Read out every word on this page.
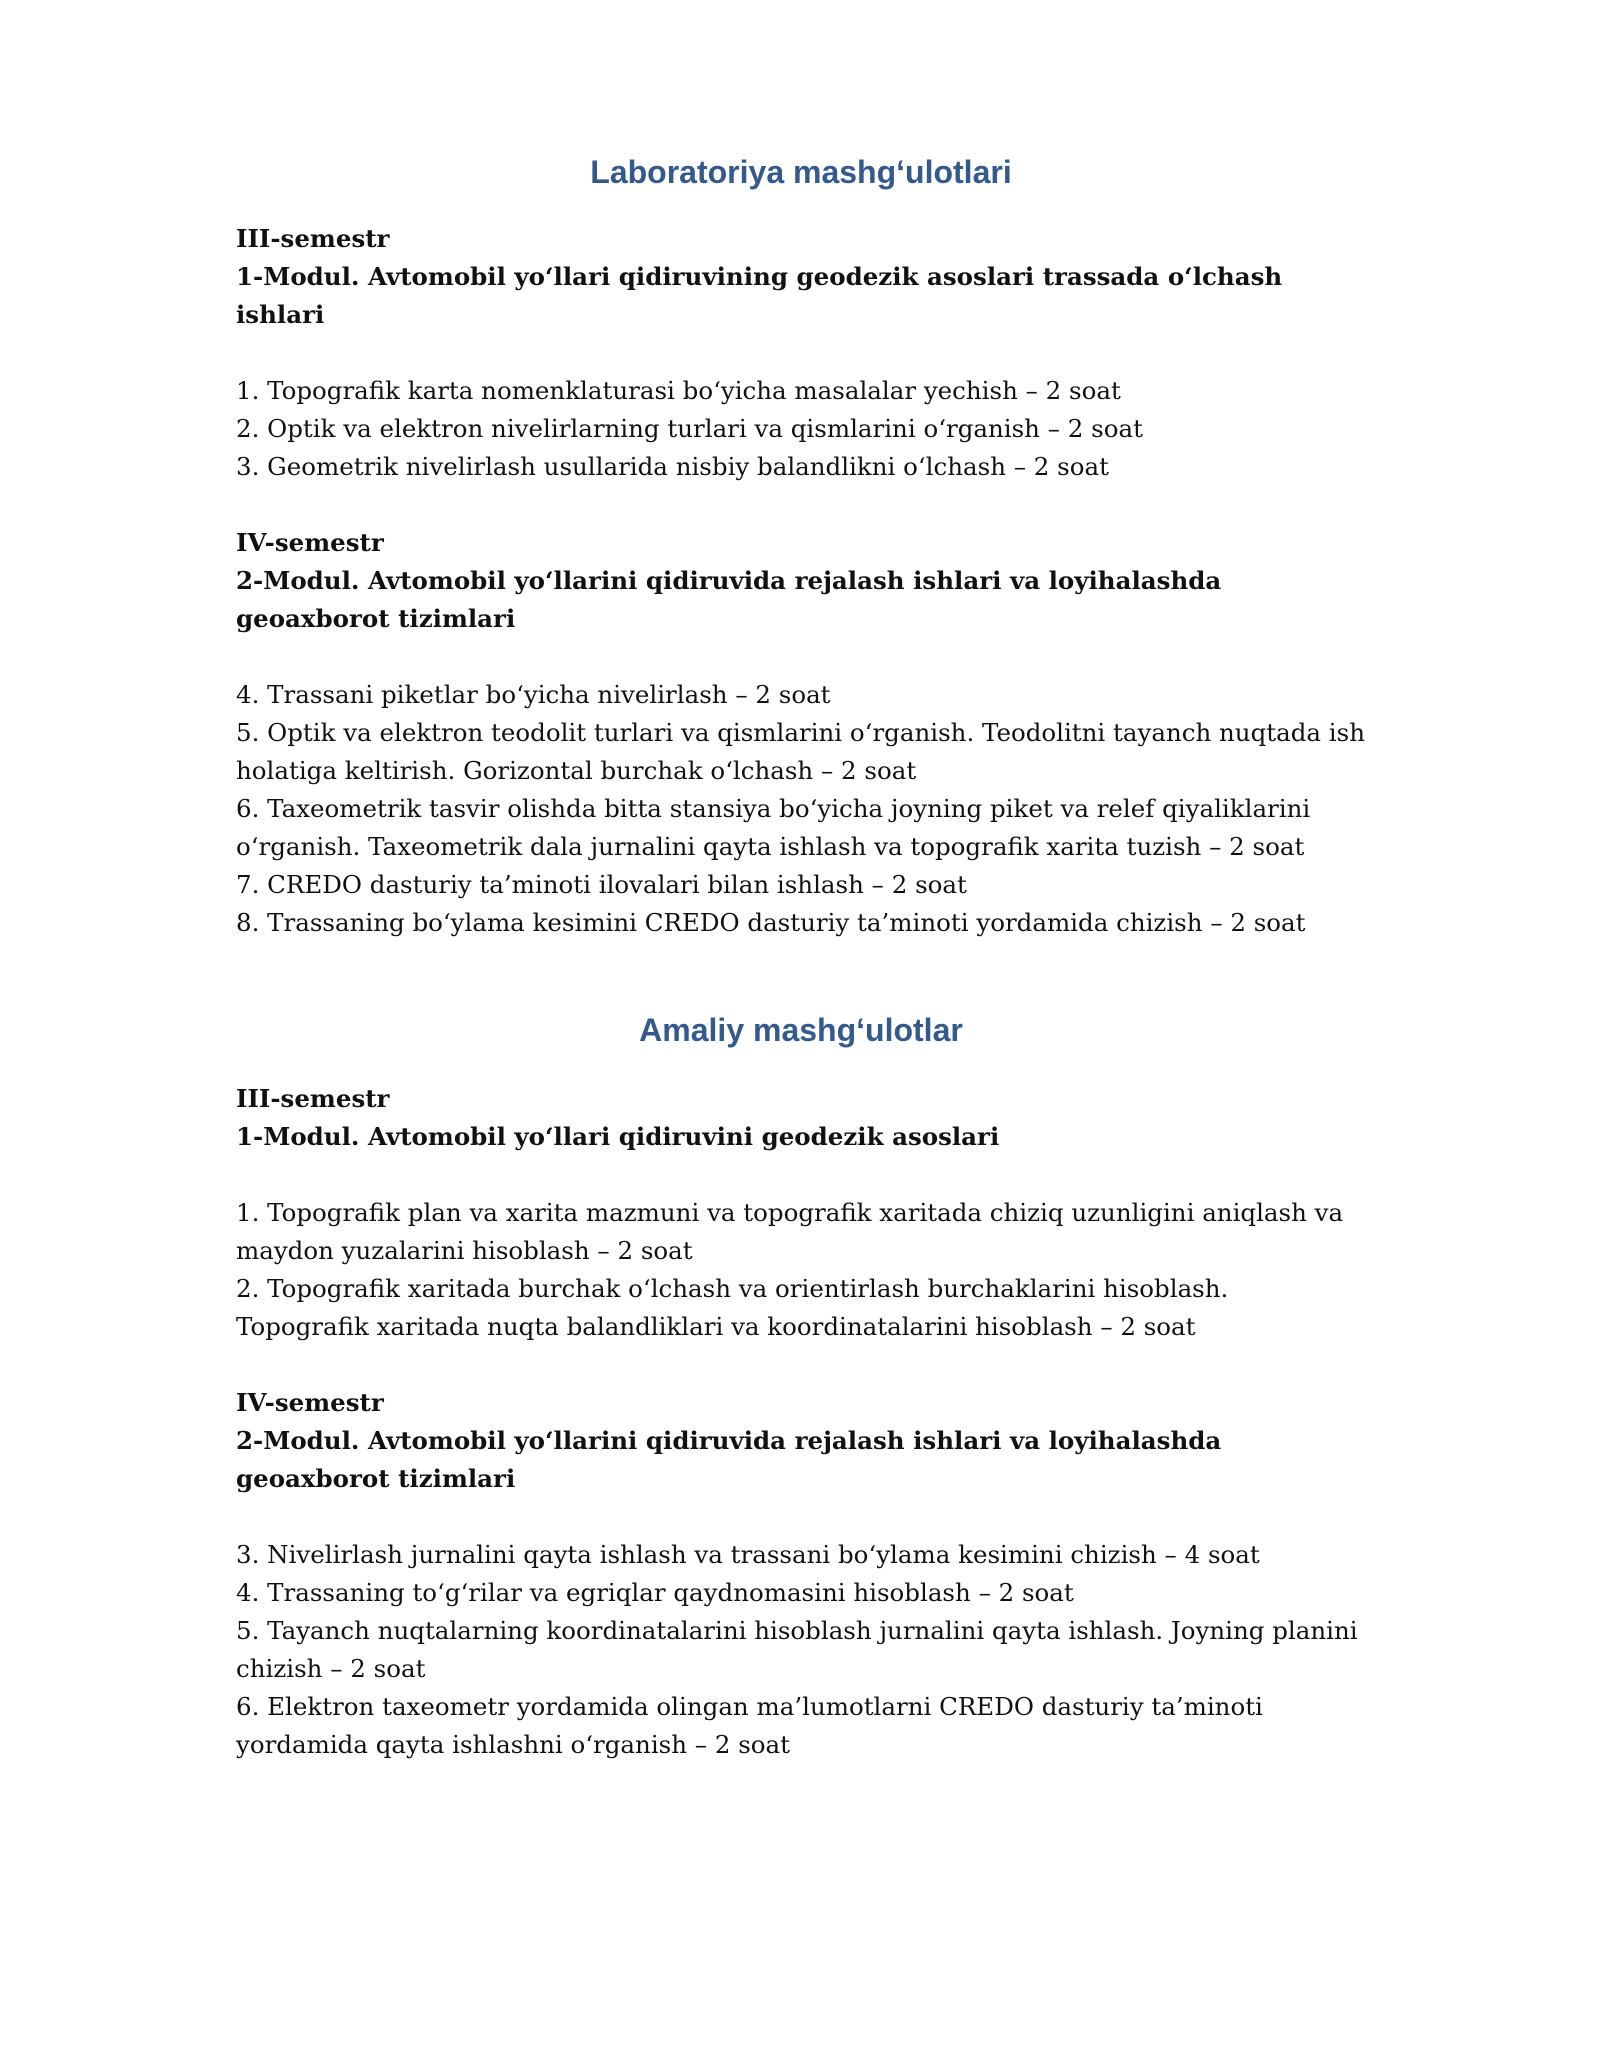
Laboratoriya mashg‘ulotlari

III-semestr

1-Modul. Avtomobil yo‘llari qidiruvining geodezik asoslari trassada o‘lchash ishlari

1. Topografik karta nomenklaturasi bo‘yicha masalalar yechish – 2 soat
2. Optik va elektron nivelirlarning turlari va qismlarini o‘rganish – 2 soat
3. Geometrik nivelirlash usullarida nisbiy balandlikni o‘lchash – 2 soat

IV-semestr

2-Modul. Avtomobil yo‘llarini qidiruvida rejalash ishlari va loyihalashda geoaxborot tizimlari

4. Trassani piketlar bo‘yicha nivelirlash – 2 soat
5. Optik va elektron teodolit turlari va qismlarini o‘rganish. Teodolitni tayanch nuqtada ish holatiga keltirish. Gorizontal burchak o‘lchash – 2 soat
6. Taxeometrik tasvir olishda bitta stansiya bo‘yicha joyning piket va relef qiyaliklarini o‘rganish. Taxeometrik dala jurnalini qayta ishlash va topografik xarita tuzish – 2 soat
7. CREDO dasturiy ta’minoti ilovalari bilan ishlash – 2 soat
8. Trassaning bo‘ylama kesimini CREDO dasturiy ta’minoti yordamida chizish – 2 soat
Amaliy mashg‘ulotlar

III-semestr

1-Modul. Avtomobil yo‘llari qidiruvini geodezik asoslari

1. Topografik plan va xarita mazmuni va topografik xaritada chiziq uzunligini aniqlash va maydon yuzalarini hisoblash – 2 soat
2. Topografik xaritada burchak o‘lchash va orientirlash burchaklarini hisoblash. Topografik xaritada nuqta balandliklari va koordinatalarini hisoblash – 2 soat

IV-semestr

2-Modul. Avtomobil yo‘llarini qidiruvida rejalash ishlari va loyihalashda geoaxborot tizimlari

3. Nivelirlash jurnalini qayta ishlash va trassani bo‘ylama kesimini chizish – 4 soat
4. Trassaning to‘g‘rilar va egriqlar qaydnomasini hisoblash – 2 soat
5. Tayanch nuqtalarning koordinatalarini hisoblash jurnalini qayta ishlash. Joyning planini chizish – 2 soat
6. Elektron taxeometr yordamida olingan ma’lumotlarni CREDO dasturiy ta’minoti yordamida qayta ishlashni o‘rganish – 2 soat
